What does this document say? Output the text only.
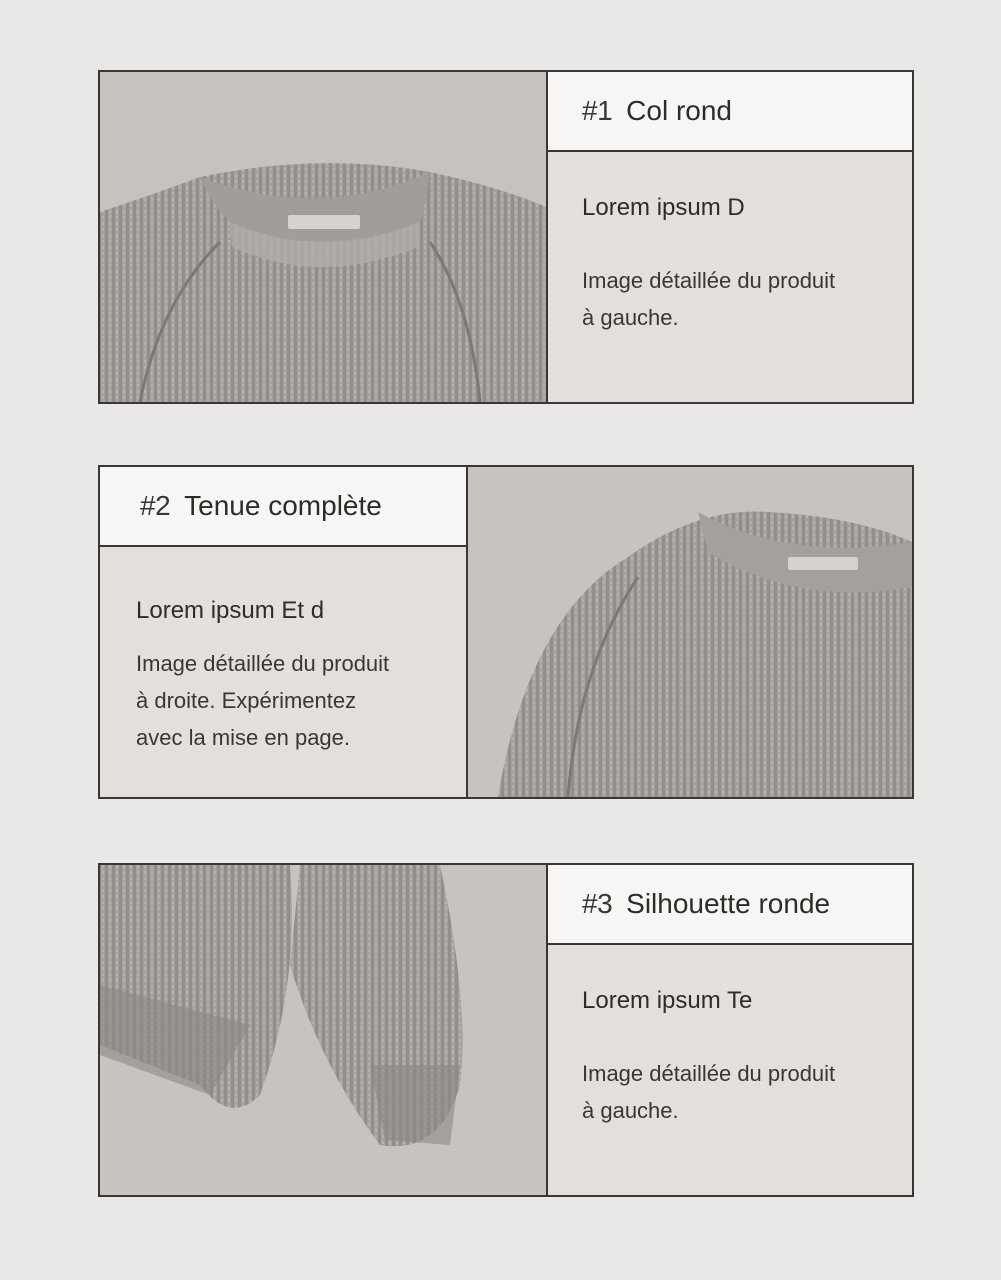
#1 Col rond
Lorem ipsum D
Image détaillée du produit
à gauche.
#2 Tenue complète
Lorem ipsum Et d
Image détaillée du produit
à droite. Expérimentez
avec la mise en page.
#3 Silhouette ronde
Lorem ipsum Te
Image détaillée du produit
à gauche.
